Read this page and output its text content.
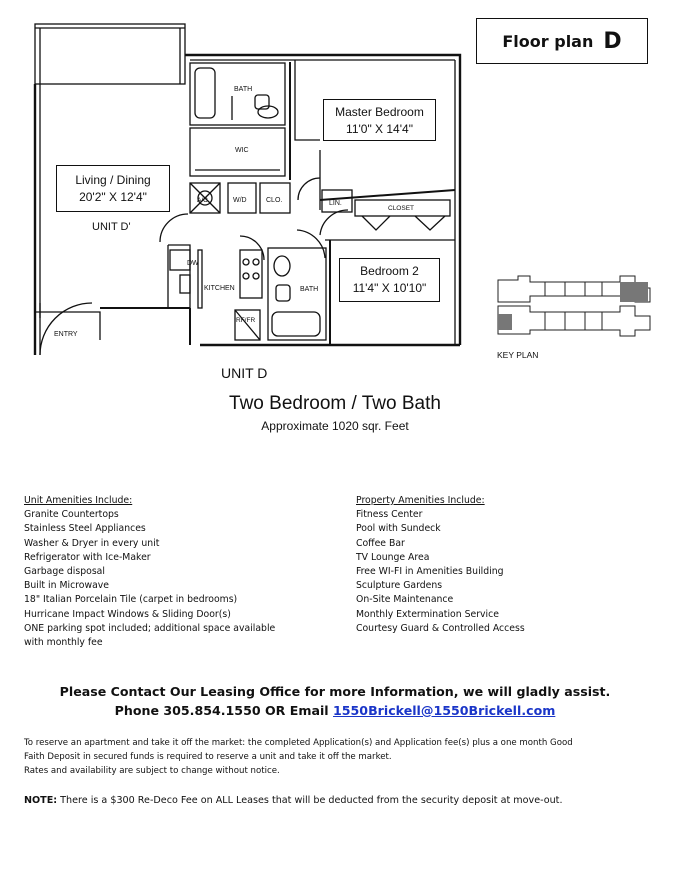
Floor plan D
BATH
WIC
A/C	W/D	CLO.	LIN.
CLOSET
UNIT D'
DW
KITCHEN	BATH
RF/FR
ENTRY
Master Bedroom
11'0" X 14'4"
Living / Dining
20'2" X 12'4"
Bedroom 2
11'4" X 10'10"
KEY PLAN
UNIT D
Two Bedroom / Two Bath
Approximate 1020 sqr. Feet
Unit Amenities Include:
Granite Countertops
Stainless Steel Appliances
Washer & Dryer in every unit
Refrigerator with Ice-Maker
Garbage disposal
Built in Microwave
18" Italian Porcelain Tile (carpet in bedrooms)
Hurricane Impact Windows & Sliding Door(s)
ONE parking spot included; additional space available
with monthly fee
Property Amenities Include:
Fitness Center
Pool with Sundeck
Coffee Bar
TV Lounge Area
Free WI-FI in Amenities Building
Sculpture Gardens
On-Site Maintenance
Monthly Extermination Service
Courtesy Guard & Controlled Access
Please Contact Our Leasing Office for more Information, we will gladly assist.
Phone 305.854.1550 OR Email 1550Brickell@1550Brickell.com
To reserve an apartment and take it off the market: the completed Application(s) and Application fee(s) plus a one month Good
Faith Deposit in secured funds is required to reserve a unit and take it off the market.
Rates and availability are subject to change without notice.
NOTE: There is a $300 Re-Deco Fee on ALL Leases that will be deducted from the security deposit at move-out.
